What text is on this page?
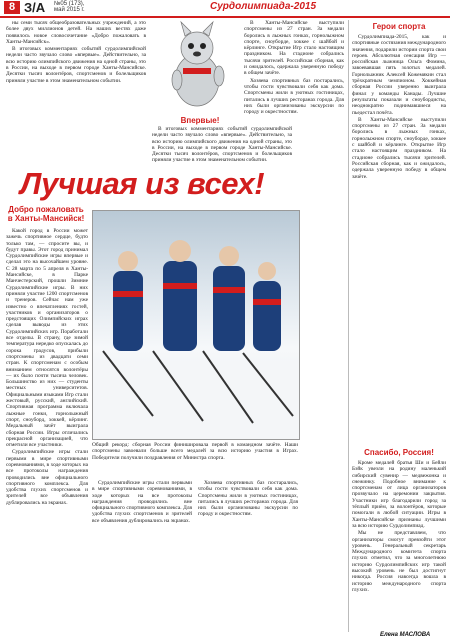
8 З/А №05 (173),
май 2015 г.	Сурдолимпиада-2015

ны семи тысяч общеобразовательных учреждений, а это более двух миллионов детей. На наших вестях даже появилось новое словосочетание «Добро пожаловать в Ханты-Мансийск».

В итоговых комментариях событий сурдолимпийской недели часто звучало слово «впервые». Действительно, за всю историю олимпийского движения на одной страны, это в России, на выходе в первом городе Ханты-Мансийске. Десятки тысяч волонтёров, спортсменов и болельщиков приняли участие в этом знаменательном событии.

Впервые!

В итоговых комментариях событий сурдолимпийской недели часто звучало слово «впервые». Действительно, за всю историю олимпийского движения на одной страны, это в России, на выходе в первом городе Ханты-Мансийске. Десятки тысяч волонтёров, спортсменов и болельщиков приняли участие в этом знаменательном событии.

В Ханты-Мансийске выступили спортсмены из 27 стран. За медали боролись в лыжных гонках, горнолыжном спорте, сноуборде, хоккее с шайбой и кёрлинге. Открытие Игр стало настоящим праздником. На стадионе собрались тысячи зрителей. Российская сборная, как и ожидалось, одержала уверенную победу в общем зачёте.

Хозяева спортивных баз постарались, чтобы гости чувствовали себя как дома. Спортсмены жили в уютных гостиницах, питались в лучших ресторанах города. Для них были организованы экскурсии по городу и окрестностям.

Лучшая из всех!
Добро пожаловать в Ханты-Мансийск!

Какой город в России может зажечь спортивное сердце, будто только там, — спросите вы, и будут правы. Этот город принимал Сурдолимпийские игры впервые и сделал это на высочайшем уровне. С 28 марта по 5 апреля в Ханты-Мансийске, в Парке Манчестерский, прошли Зимние Сурдолимпийские игры. В них приняли участие 1200 спортсменов и тренеров. Сейчас нам уже известно о впечатлениях гостей, участников и организаторов о предстоящих Олимпийских играх сделав выводы из этих Сурдолимпийских игр. Поработали все отделы. В страну, где зимой температура нередко опускалась до сорока градусов, прибыли спортсмены из двадцати семи стран. К спортсменам с особым вниманием относятся волонтёры — их было почти тысяча человек. Большинство из них — студенты местных университетов. Официальными языками Игр стали жестовый, русский, английский. Спортивная программа включала лыжные гонки, горнолыжный спорт, сноуборд, хоккей, кёрлинг. Медальный зачёт выиграла сборная России. Игры отличались прекрасной организацией, что отметили все участники.

Сурдолимпийские игры стали первыми в мире спортивными соревнованиями, в ходе которых на все протоколы награждения проводились вне официального спортивного комплекса. Для удобства глухих спортсменов и зрителей все объявления дублировались на экранах.

Общий рекорд: сборная России финишировала первой в командном зачёте. Наши спортсмены завоевали больше всего медалей за всю историю участия в Играх. Победители получили поздравления от Министра спорта.

Сурдолимпийские игры стали первыми в мире спортивными соревнованиями, в ходе которых на все протоколы награждения проводились вне официального спортивного комплекса. Для удобства глухих спортсменов и зрителей все объявления дублировались на экранах.

Хозяева спортивных баз постарались, чтобы гости чувствовали себя как дома. Спортсмены жили в уютных гостиницах, питались в лучших ресторанах города. Для них были организованы экскурсии по городу и окрестностям.

Герои спорта

Сурдолимпиада-2015, как и спортивные состязания международного значения, подарили истории спорта свои героев. Абсолютная сенсация Игр — российская лыжница Ольга Фомина, завоевавшая пять золотых медалей. Горнолыжник Алексей Кожемякин стал трёхкратным чемпионом. Хоккейная сборная России уверенно выиграла финал у команды Канады. Лучшие результаты показали и сноубордисты, неоднократно поднимавшиеся на пьедестал почёта.

В Ханты-Мансийске выступили спортсмены из 27 стран. За медали боролись в лыжных гонках, горнолыжном спорте, сноуборде, хоккее с шайбой и кёрлинге. Открытие Игр стало настоящим праздником. На стадионе собрались тысячи зрителей. Российская сборная, как и ожидалось, одержала уверенную победу в общем зачёте.

Спасибо, Россия!

Кроме медалей братья Ши и Бейли Бэйк увезли на родину маленький сибирский сувенир — медвежонка и снежинку. Подобное внимание к спортсменам от лица организаторов прозвучало на церемонии закрытия. Участники игр благодарили город за тёплый приём, за волонтёров, которые помогали в любой ситуации. Игры в Ханты-Мансийске признаны лучшими за всю историю Сурдолимпиад.

Мы не представляем, что организаторы смогут превзойти этот уровень. Генеральный секретарь Международного комитета спорта глухих отметил, что за многолетнюю историю Сурдолимпийских игр такой высокий уровень не был достигнут никогда. Россия навсегда вошла в историю международного спорта глухих.

Елена МАСЛОВА
